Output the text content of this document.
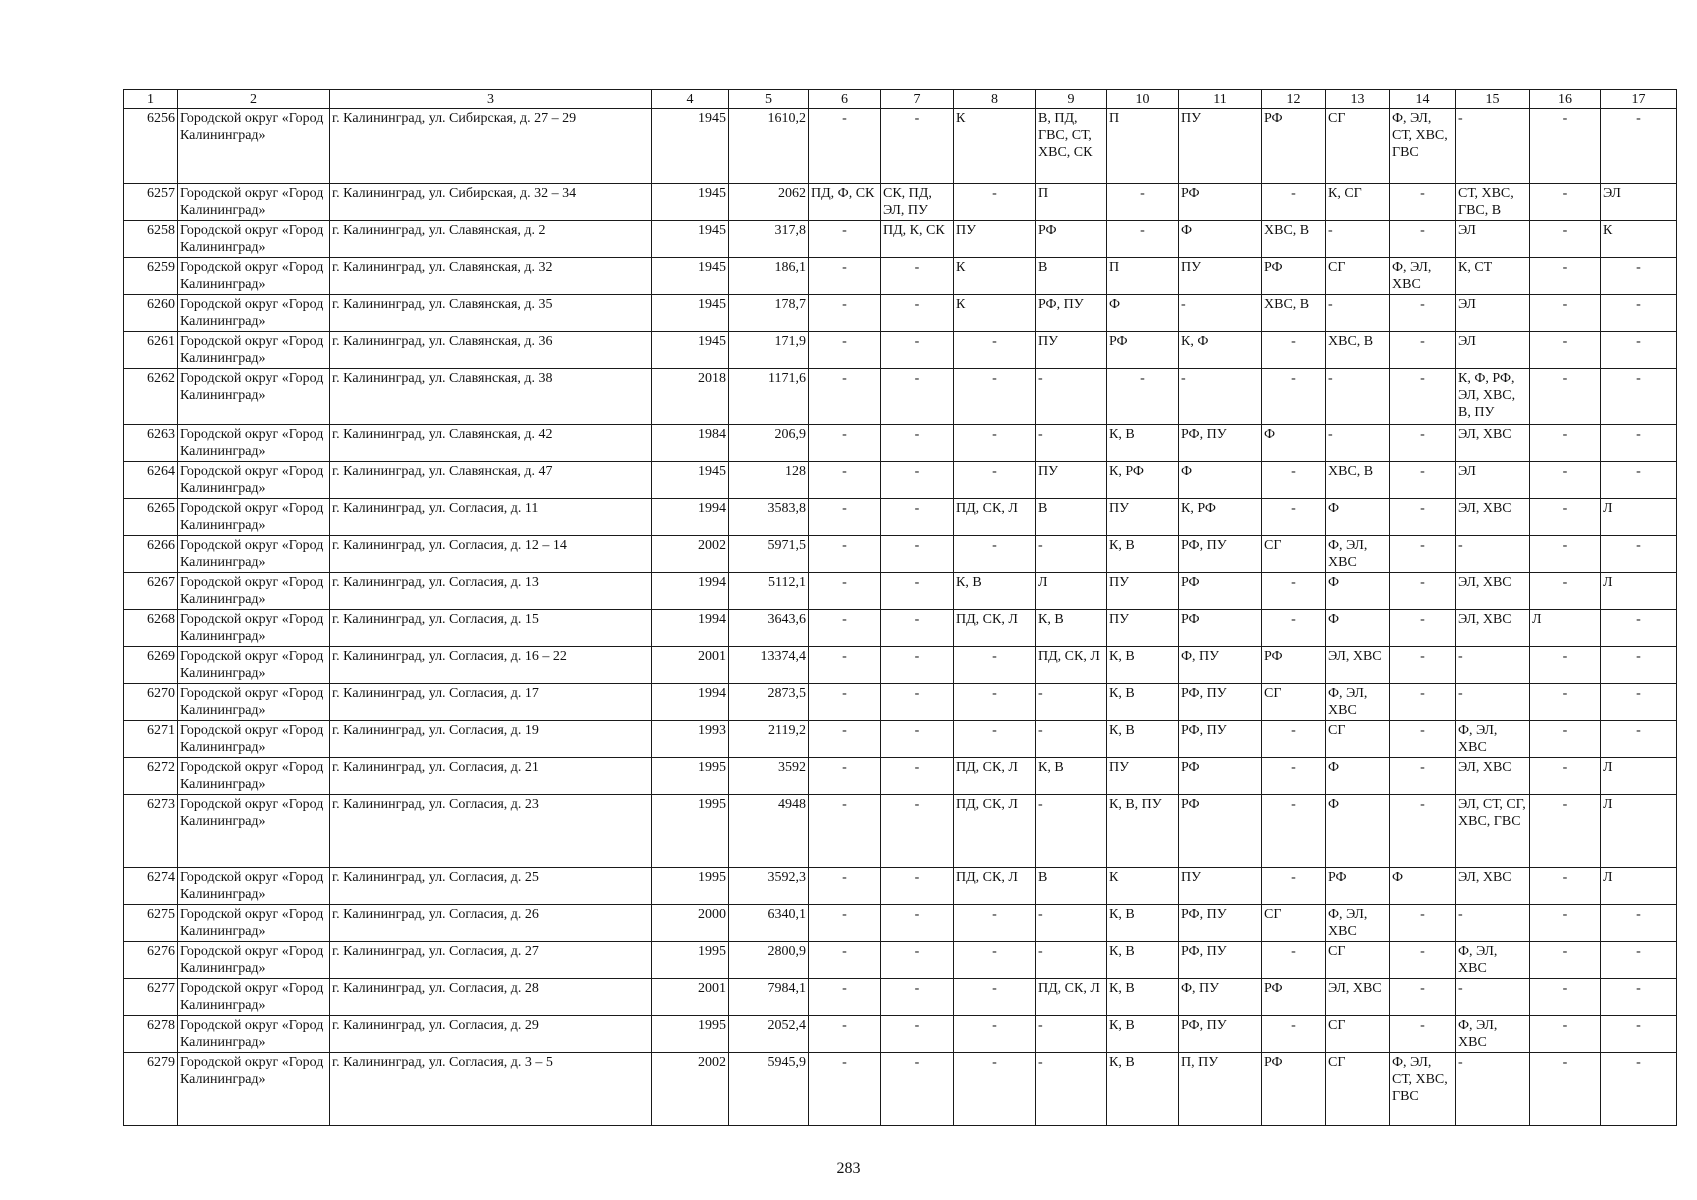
1	2	3	4	5	6	7	8	9	10	11	12	13	14	15	16	17
6256	Городской округ «Город Калининград»	г. Калининград, ул. Сибирская, д. 27 – 29	1945	1610,2	-	-	К	В, ПД, ГВС, СТ, ХВС, СК	П	ПУ	РФ	СГ	Ф, ЭЛ, СТ, ХВС, ГВС	-	-	-
6257	Городской округ «Город Калининград»	г. Калининград, ул. Сибирская, д. 32 – 34	1945	2062	ПД, Ф, СК	СК, ПД, ЭЛ, ПУ	-	П	-	РФ	-	К, СГ	-	СТ, ХВС, ГВС, В	-	ЭЛ
6258	Городской округ «Город Калининград»	г. Калининград, ул. Славянская, д. 2	1945	317,8	-	ПД, К, СК	ПУ	РФ	-	Ф	ХВС, В	-	-	ЭЛ	-	К
6259	Городской округ «Город Калининград»	г. Калининград, ул. Славянская, д. 32	1945	186,1	-	-	К	В	П	ПУ	РФ	СГ	Ф, ЭЛ, ХВС	К, СТ	-	-
6260	Городской округ «Город Калининград»	г. Калининград, ул. Славянская, д. 35	1945	178,7	-	-	К	РФ, ПУ	Ф	-	ХВС, В	-	-	ЭЛ	-	-
6261	Городской округ «Город Калининград»	г. Калининград, ул. Славянская, д. 36	1945	171,9	-	-	-	ПУ	РФ	К, Ф	-	ХВС, В	-	ЭЛ	-	-
6262	Городской округ «Город Калининград»	г. Калининград, ул. Славянская, д. 38	2018	1171,6	-	-	-	-	-	-	-	-	-	К, Ф, РФ, ЭЛ, ХВС, В, ПУ	-	-
6263	Городской округ «Город Калининград»	г. Калининград, ул. Славянская, д. 42	1984	206,9	-	-	-	-	К, В	РФ, ПУ	Ф	-	-	ЭЛ, ХВС	-	-
6264	Городской округ «Город Калининград»	г. Калининград, ул. Славянская, д. 47	1945	128	-	-	-	ПУ	К, РФ	Ф	-	ХВС, В	-	ЭЛ	-	-
6265	Городской округ «Город Калининград»	г. Калининград, ул. Согласия, д. 11	1994	3583,8	-	-	ПД, СК, Л	В	ПУ	К, РФ	-	Ф	-	ЭЛ, ХВС	-	Л
6266	Городской округ «Город Калининград»	г. Калининград, ул. Согласия, д. 12 – 14	2002	5971,5	-	-	-	-	К, В	РФ, ПУ	СГ	Ф, ЭЛ, ХВС	-	-	-	-
6267	Городской округ «Город Калининград»	г. Калининград, ул. Согласия, д. 13	1994	5112,1	-	-	К, В	Л	ПУ	РФ	-	Ф	-	ЭЛ, ХВС	-	Л
6268	Городской округ «Город Калининград»	г. Калининград, ул. Согласия, д. 15	1994	3643,6	-	-	ПД, СК, Л	К, В	ПУ	РФ	-	Ф	-	ЭЛ, ХВС	Л	-
6269	Городской округ «Город Калининград»	г. Калининград, ул. Согласия, д. 16 – 22	2001	13374,4	-	-	-	ПД, СК, Л	К, В	Ф, ПУ	РФ	ЭЛ, ХВС	-	-	-	-
6270	Городской округ «Город Калининград»	г. Калининград, ул. Согласия, д. 17	1994	2873,5	-	-	-	-	К, В	РФ, ПУ	СГ	Ф, ЭЛ, ХВС	-	-	-	-
6271	Городской округ «Город Калининград»	г. Калининград, ул. Согласия, д. 19	1993	2119,2	-	-	-	-	К, В	РФ, ПУ	-	СГ	-	Ф, ЭЛ, ХВС	-	-
6272	Городской округ «Город Калининград»	г. Калининград, ул. Согласия, д. 21	1995	3592	-	-	ПД, СК, Л	К, В	ПУ	РФ	-	Ф	-	ЭЛ, ХВС	-	Л
6273	Городской округ «Город Калининград»	г. Калининград, ул. Согласия, д. 23	1995	4948	-	-	ПД, СК, Л	-	К, В, ПУ	РФ	-	Ф	-	ЭЛ, СТ, СГ, ХВС, ГВС	-	Л
6274	Городской округ «Город Калининград»	г. Калининград, ул. Согласия, д. 25	1995	3592,3	-	-	ПД, СК, Л	В	К	ПУ	-	РФ	Ф	ЭЛ, ХВС	-	Л
6275	Городской округ «Город Калининград»	г. Калининград, ул. Согласия, д. 26	2000	6340,1	-	-	-	-	К, В	РФ, ПУ	СГ	Ф, ЭЛ, ХВС	-	-	-	-
6276	Городской округ «Город Калининград»	г. Калининград, ул. Согласия, д. 27	1995	2800,9	-	-	-	-	К, В	РФ, ПУ	-	СГ	-	Ф, ЭЛ, ХВС	-	-
6277	Городской округ «Город Калининград»	г. Калининград, ул. Согласия, д. 28	2001	7984,1	-	-	-	ПД, СК, Л	К, В	Ф, ПУ	РФ	ЭЛ, ХВС	-	-	-	-
6278	Городской округ «Город Калининград»	г. Калининград, ул. Согласия, д. 29	1995	2052,4	-	-	-	-	К, В	РФ, ПУ	-	СГ	-	Ф, ЭЛ, ХВС	-	-
6279	Городской округ «Город Калининград»	г. Калининград, ул. Согласия, д. 3 – 5	2002	5945,9	-	-	-	-	К, В	П, ПУ	РФ	СГ	Ф, ЭЛ, СТ, ХВС, ГВС	-	-	-
283
